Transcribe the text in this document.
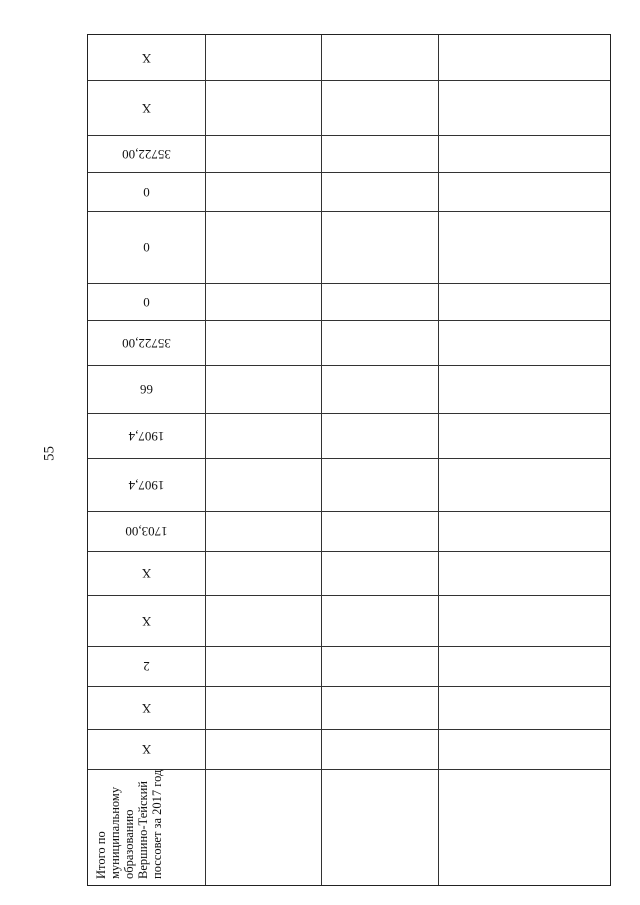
55
Итого по муниципальному образованию Вершино-Тейский поссовет за 2017 год
Х
Х
2
Х
Х
1703,00
1907,4
1907,4
66
35722,00
0
0
0
35722,00
Х
Х
